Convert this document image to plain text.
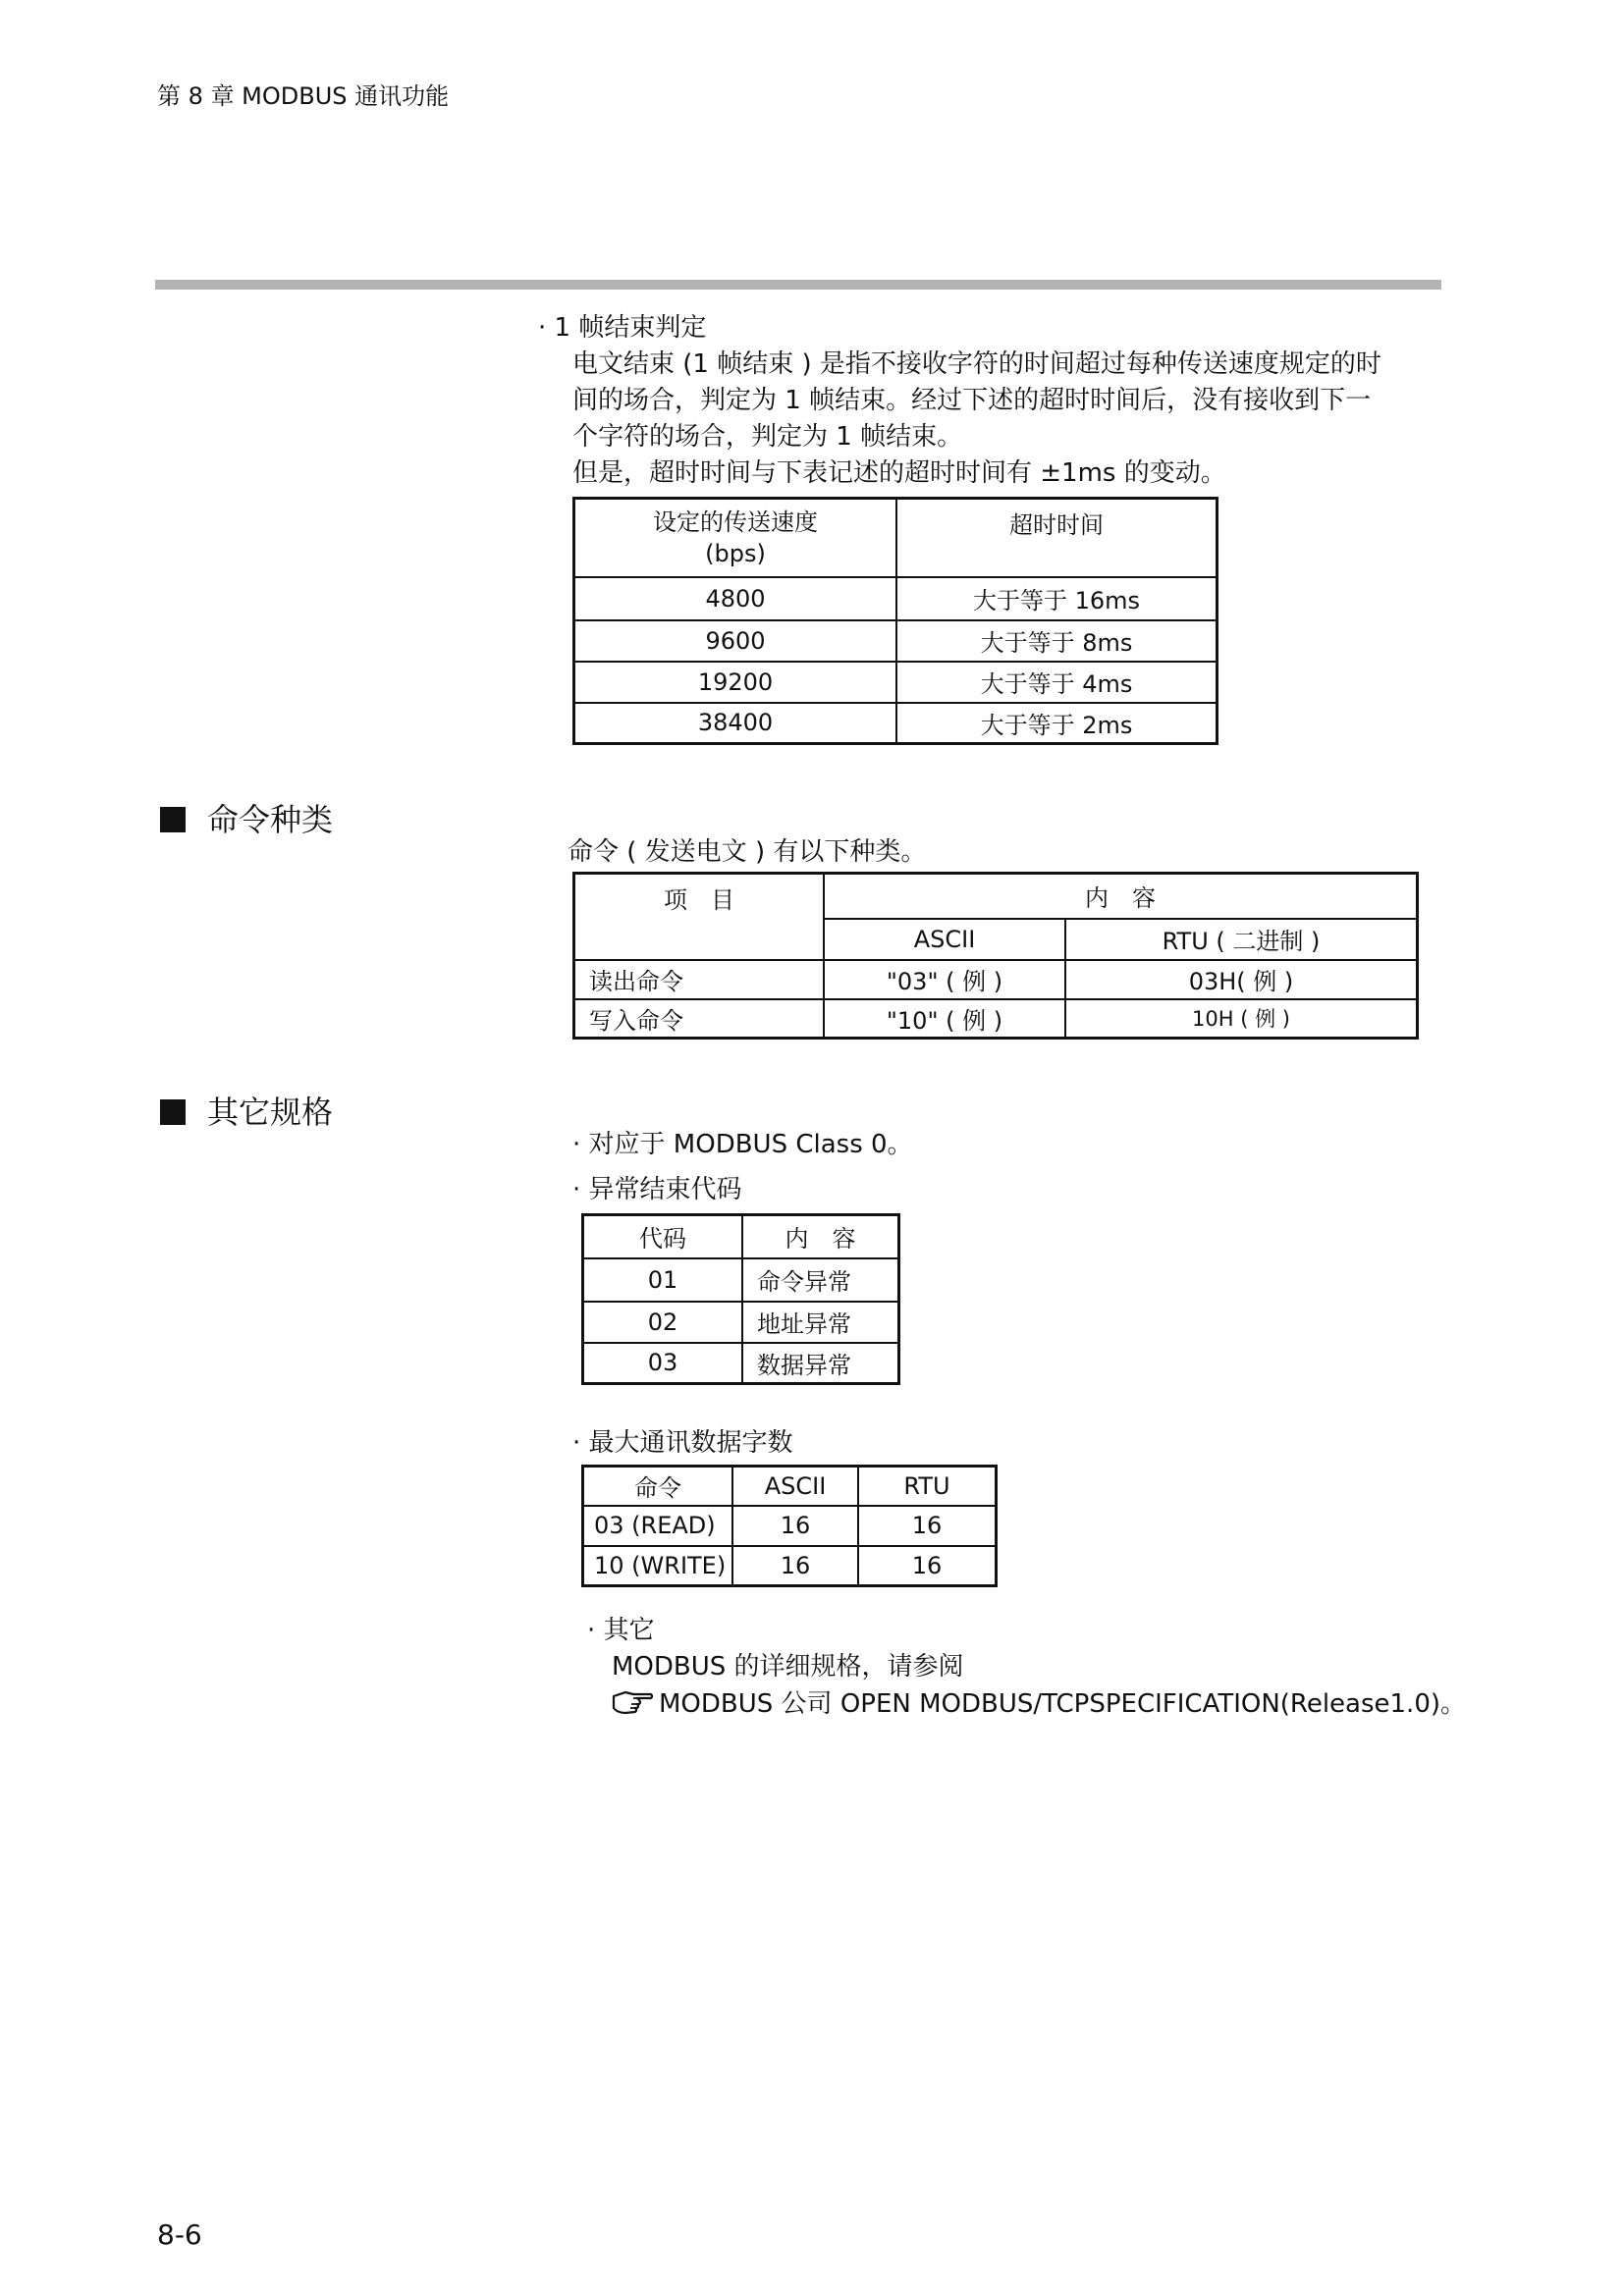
第 8 章 MODBUS 通讯功能
· 1 帧结束判定
电文结束 (1 帧结束 ) 是指不接收字符的时间超过每种传送速度规定的时
间的场合，判定为 1 帧结束。经过下述的超时时间后，没有接收到下一
个字符的场合，判定为 1 帧结束。
但是，超时时间与下表记述的超时时间有 ±1ms 的变动。
设定的传送速度
(bps)	超时时间
4800	大于等于 16ms
9600	大于等于 8ms
19200	大于等于 4ms
38400	大于等于 2ms
命令种类
命令 ( 发送电文 ) 有以下种类。
项　目	内　容	
	ASCII	RTU ( 二进制 )
读出命令	"03" ( 例 )	03H( 例 )
写入命令	"10" ( 例 )	10H ( 例 )
其它规格
· 对应于 MODBUS Class 0。
· 异常结束代码
代码	内　容
01	命令异常
02	地址异常
03	数据异常
· 最大通讯数据字数
命令	ASCII	RTU
03 (READ)	16	16
10 (WRITE)	16	16
· 其它
MODBUS 的详细规格，请参阅
MODBUS 公司 OPEN MODBUS/TCPSPECIFICATION(Release1.0)。
8-6
